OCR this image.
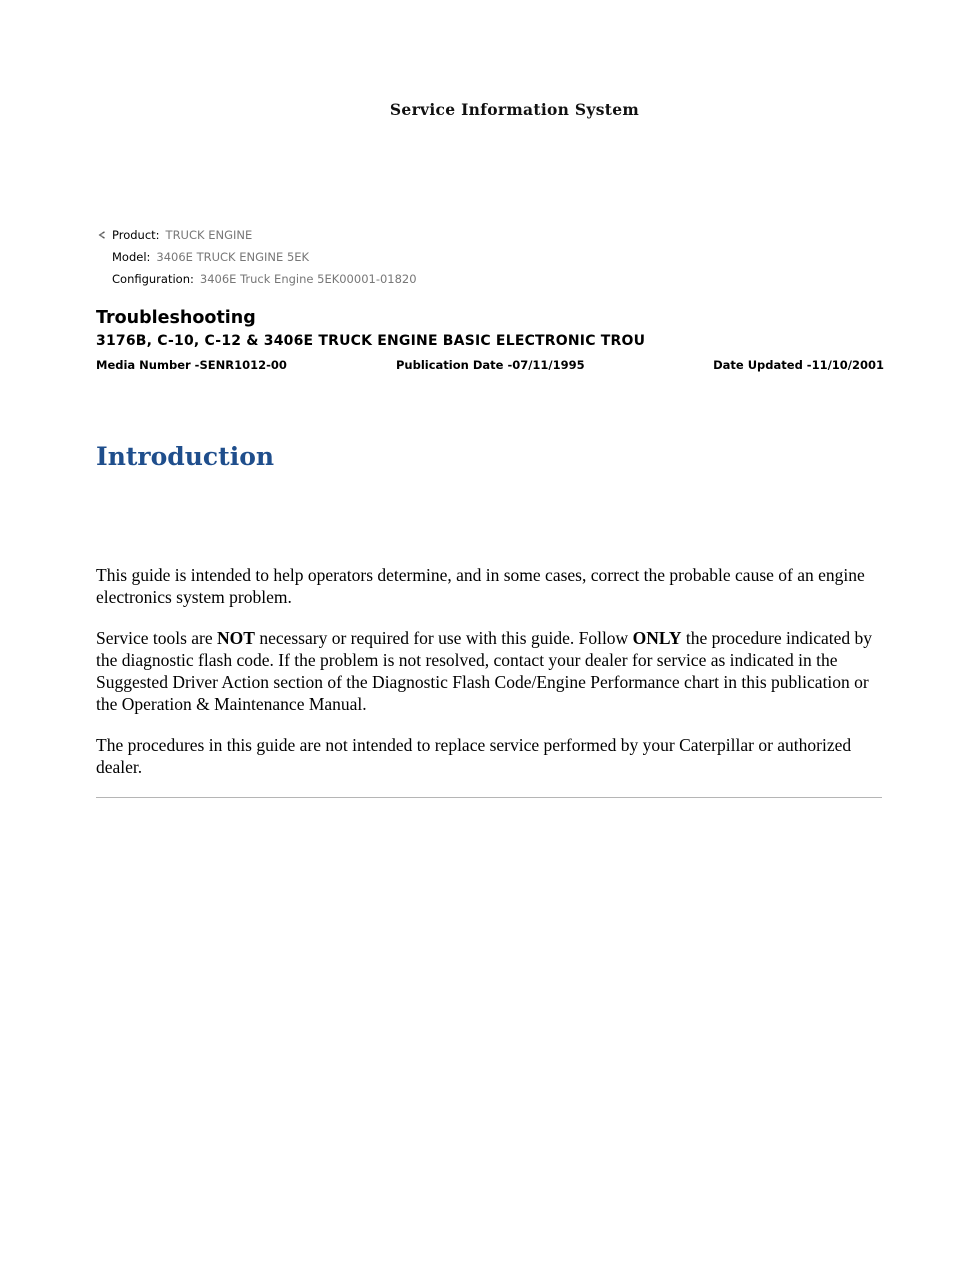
Service Information System
Product: TRUCK ENGINE
Model: 3406E TRUCK ENGINE 5EK
Configuration: 3406E Truck Engine 5EK00001-01820
Troubleshooting
3176B, C-10, C-12 & 3406E TRUCK ENGINE BASIC ELECTRONIC TROU
Media Number -SENR1012-00	Publication Date -07/11/1995	Date Updated -11/10/2001
Introduction

This guide is intended to help operators determine, and in some cases, correct the probable cause of an engine electronics system problem.

Service tools are NOT necessary or required for use with this guide. Follow ONLY the procedure indicated by the diagnostic flash code. If the problem is not resolved, contact your dealer for service as indicated in the Suggested Driver Action section of the Diagnostic Flash Code/Engine Performance chart in this publication or the Operation & Maintenance Manual.

The procedures in this guide are not intended to replace service performed by your Caterpillar or authorized dealer.
